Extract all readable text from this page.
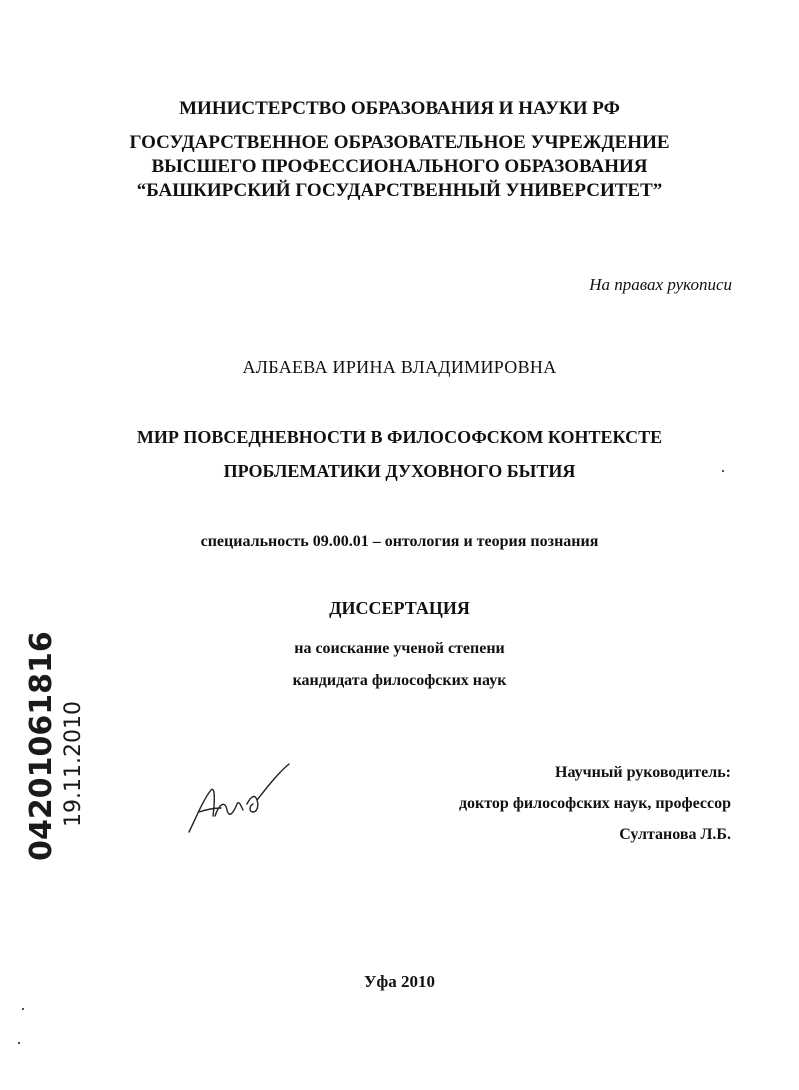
МИНИСТЕРСТВО ОБРАЗОВАНИЯ И НАУКИ РФ
ГОСУДАРСТВЕННОЕ ОБРАЗОВАТЕЛЬНОЕ УЧРЕЖДЕНИЕ
ВЫСШЕГО ПРОФЕССИОНАЛЬНОГО ОБРАЗОВАНИЯ
“БАШКИРСКИЙ ГОСУДАРСТВЕННЫЙ УНИВЕРСИТЕТ”
На правах рукописи
АЛБАЕВА ИРИНА ВЛАДИМИРОВНА
МИР ПОВСЕДНЕВНОСТИ В ФИЛОСОФСКОМ КОНТЕКСТЕ
ПРОБЛЕМАТИКИ ДУХОВНОГО БЫТИЯ
специальность 09.00.01 – онтология и теория познания
ДИССЕРТАЦИЯ
на соискание ученой степени
кандидата философских наук
Научный руководитель:
доктор философских наук, профессор
Султанова Л.Б.
Уфа 2010
04201061816 19.11.2010
